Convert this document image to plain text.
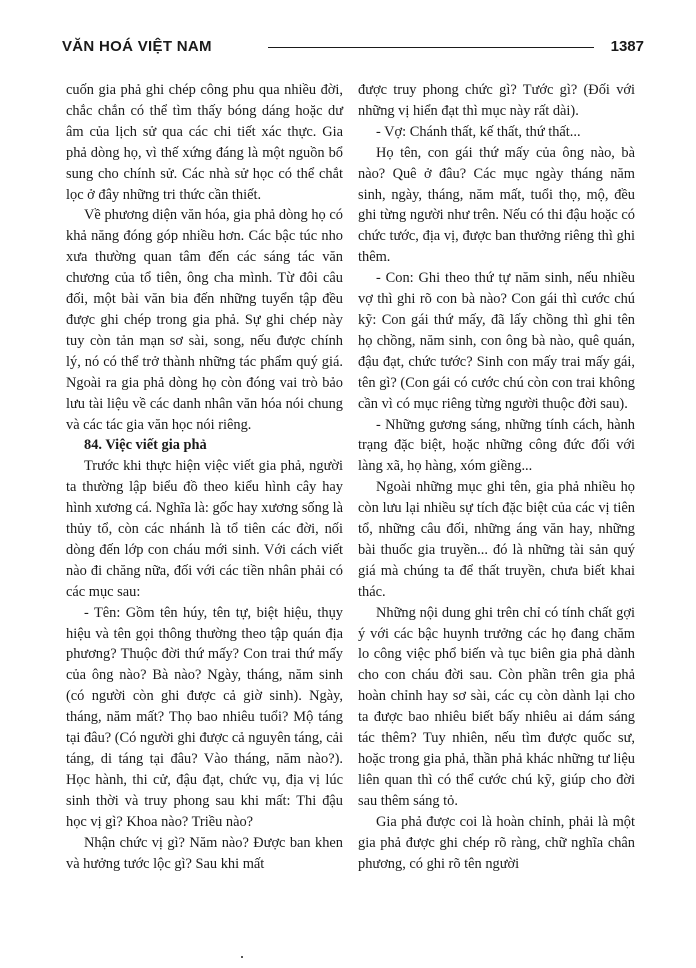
VĂN HOÁ VIỆT NAM	1387

cuốn gia phả ghi chép công phu qua nhiều đời, chắc chắn có thể tìm thấy bóng dáng hoặc dư âm của lịch sử qua các chi tiết xác thực. Gia phả dòng họ, vì thế xứng đáng là một nguồn bổ sung cho chính sử. Các nhà sử học có thể chắt lọc ở đây những tri thức cần thiết.

Về phương diện văn hóa, gia phả dòng họ có khả năng đóng góp nhiều hơn. Các bậc túc nho xưa thường quan tâm đến các sáng tác văn chương của tổ tiên, ông cha mình. Từ đôi câu đối, một bài văn bia đến những tuyển tập đều được ghi chép trong gia phả. Sự ghi chép này tuy còn tản mạn sơ sài, song, nếu được chính lý, nó có thể trở thành những tác phẩm quý giá. Ngoài ra gia phả dòng họ còn đóng vai trò bảo lưu tài liệu về các danh nhân văn hóa nói chung và các tác gia văn học nói riêng.

84. Việc viết gia phả

Trước khi thực hiện việc viết gia phả, người ta thường lập biểu đồ theo kiểu hình cây hay hình xương cá. Nghĩa là: gốc hay xương sống là thủy tổ, còn các nhánh là tổ tiên các đời, nối dòng đến lớp con cháu mới sinh. Với cách viết nào đi chăng nữa, đối với các tiền nhân phải có các mục sau:

- Tên: Gồm tên húy, tên tự, biệt hiệu, thụy hiệu và tên gọi thông thường theo tập quán địa phương? Thuộc đời thứ mấy? Con trai thứ mấy của ông nào? Bà nào? Ngày, tháng, năm sinh (có người còn ghi được cả giờ sinh). Ngày, tháng, năm mất? Thọ bao nhiêu tuổi? Mộ táng tại đâu? (Có người ghi được cả nguyên táng, cải táng, di táng tại đâu? Vào tháng, năm nào?). Học hành, thi cử, đậu đạt, chức vụ, địa vị lúc sinh thời và truy phong sau khi mất: Thi đậu học vị gì? Khoa nào? Triều nào?

Nhận chức vị gì? Năm nào? Được ban khen và hưởng tước lộc gì? Sau khi mất

được truy phong chức gì? Tước gì? (Đối với những vị hiển đạt thì mục này rất dài).

- Vợ: Chánh thất, kế thất, thứ thất...

Họ tên, con gái thứ mấy của ông nào, bà nào? Quê ở đâu? Các mục ngày tháng năm sinh, ngày, tháng, năm mất, tuổi thọ, mộ, đều ghi từng người như trên. Nếu có thi đậu hoặc có chức tước, địa vị, được ban thưởng riêng thì ghi thêm.

- Con: Ghi theo thứ tự năm sinh, nếu nhiều vợ thì ghi rõ con bà nào? Con gái thì cước chú kỹ: Con gái thứ mấy, đã lấy chồng thì ghi tên họ chồng, năm sinh, con ông bà nào, quê quán, đậu đạt, chức tước? Sinh con mấy trai mấy gái, tên gì? (Con gái có cước chú còn con trai không cần vì có mục riêng từng người thuộc đời sau).

- Những gương sáng, những tính cách, hành trạng đặc biệt, hoặc những công đức đối với làng xã, họ hàng, xóm giềng...

Ngoài những mục ghi tên, gia phả nhiều họ còn lưu lại nhiều sự tích đặc biệt của các vị tiên tổ, những câu đối, những áng văn hay, những bài thuốc gia truyền... đó là những tài sản quý giá mà chúng ta để thất truyền, chưa biết khai thác.

Những nội dung ghi trên chỉ có tính chất gợi ý với các bậc huynh trưởng các họ đang chăm lo công việc phổ biến và tục biên gia phả dành cho con cháu đời sau. Còn phần trên gia phả hoàn chỉnh hay sơ sài, các cụ còn dành lại cho ta được bao nhiêu biết bấy nhiêu ai dám sáng tác thêm? Tuy nhiên, nếu tìm được quốc sư, hoặc trong gia phả, thần phả khác những tư liệu liên quan thì có thể cước chú kỹ, giúp cho đời sau thêm sáng tỏ.

Gia phả được coi là hoàn chỉnh, phải là một gia phả được ghi chép rõ ràng, chữ nghĩa chân phương, có ghi rõ tên người
